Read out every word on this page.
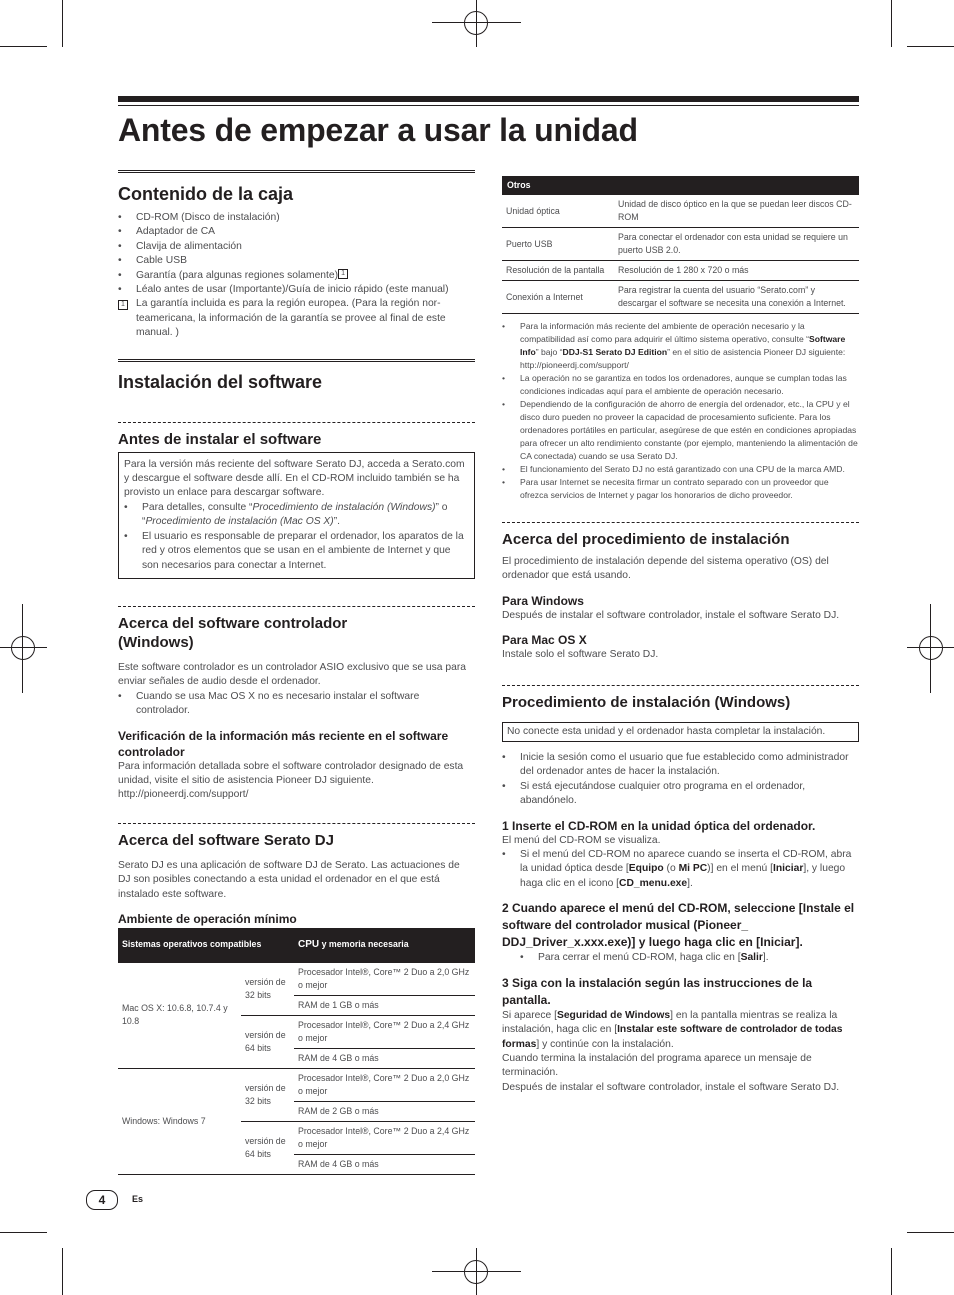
Antes de empezar a usar la unidad
Contenido de la caja
• CD-ROM (Disco de instalación)
• Adaptador de CA
• Clavija de alimentación
• Cable USB
• Garantía (para algunas regiones solamente) 1
• Léalo antes de usar (Importante)/Guía de inicio rápido (este manual)
1 La garantía incluida es para la región europea. (Para la región nor-teamericana, la información de la garantía se provee al final de este manual. )

Instalación del software
Antes de instalar el software

Para la versión más reciente del software Serato DJ, acceda a Serato.com y descargue el software desde allí. En el CD-ROM incluido también se ha provisto un enlace para descargar software.

• Para detalles, consulte “Procedimiento de instalación (Windows)” o “Procedimiento de instalación (Mac OS X)”.
• El usuario es responsable de preparar el ordenador, los aparatos de la red y otros elementos que se usan en el ambiente de Internet y que son necesarios para conectar a Internet.
Acerca del software controlador (Windows)

Este software controlador es un controlador ASIO exclusivo que se usa para enviar señales de audio desde el ordenador.

• Cuando se usa Mac OS X no es necesario instalar el software controlador.
Verificación de la información más reciente en el software controlador

Para información detallada sobre el software controlador designado de esta unidad, visite el sitio de asistencia Pioneer DJ siguiente.

http://pioneerdj.com/support/

Acerca del software Serato DJ

Serato DJ es una aplicación de software DJ de Serato. Las actuaciones de DJ son posibles conectando a esta unidad el ordenador en el que está instalado este software.

Ambiente de operación mínimo
Sistemas operativos compatibles		CPU y memoria necesaria
Mac OS X: 10.6.8, 10.7.4 y 10.8	versión de 32 bits	Procesador Intel®, Core™ 2 Duo a 2,0 GHz o mejor
		RAM de 1 GB o más
	versión de 64 bits	Procesador Intel®, Core™ 2 Duo a 2,4 GHz o mejor
		RAM de 4 GB o más
Windows: Windows 7	versión de 32 bits	Procesador Intel®, Core™ 2 Duo a 2,0 GHz o mejor
		RAM de 2 GB o más
	versión de 64 bits	Procesador Intel®, Core™ 2 Duo a 2,4 GHz o mejor
		RAM de 4 GB o más
Otros	
Unidad óptica	Unidad de disco óptico en la que se puedan leer discos CD-ROM
Puerto USB	Para conectar el ordenador con esta unidad se requiere un puerto USB 2.0.
Resolución de la pantalla	Resolución de 1 280 x 720 o más
Conexión a Internet	Para registrar la cuenta del usuario “Serato.com” y descargar el software se necesita una conexión a Internet.
• Para la información más reciente del ambiente de operación necesario y la compatibilidad así como para adquirir el último sistema operativo, consulte “Software Info” bajo “DDJ-S1 Serato DJ Edition” en el sitio de asistencia Pioneer DJ siguiente:
http://pioneerdj.com/support/
• La operación no se garantiza en todos los ordenadores, aunque se cumplan todas las condiciones indicadas aquí para el ambiente de operación necesario.
• Dependiendo de la configuración de ahorro de energía del ordenador, etc., la CPU y el disco duro pueden no proveer la capacidad de procesamiento suficiente. Para los ordenadores portátiles en particular, asegúrese de que estén en condiciones apropiadas para ofrecer un alto rendimiento constante (por ejemplo, manteniendo la alimentación de CA conectada) cuando se usa Serato DJ.
• El funcionamiento del Serato DJ no está garantizado con una CPU de la marca AMD.
• Para usar Internet se necesita firmar un contrato separado con un proveedor que ofrezca servicios de Internet y pagar los honorarios de dicho proveedor.
Acerca del procedimiento de instalación

El procedimiento de instalación depende del sistema operativo (OS) del ordenador que está usando.

Para Windows

Después de instalar el software controlador, instale el software Serato DJ.

Para Mac OS X

Instale solo el software Serato DJ.

Procedimiento de instalación (Windows)
No conecte esta unidad y el ordenador hasta completar la instalación.
• Inicie la sesión como el usuario que fue establecido como administrador del ordenador antes de hacer la instalación.
• Si está ejecutándose cualquier otro programa en el ordenador, abandónelo.
1 Inserte el CD-ROM en la unidad óptica del ordenador.

El menú del CD-ROM se visualiza.

• Si el menú del CD-ROM no aparece cuando se inserta el CD-ROM, abra la unidad óptica desde [Equipo (o Mi PC)] en el menú [Iniciar], y luego haga clic en el icono [CD_menu.exe].
2 Cuando aparece el menú del CD-ROM, seleccione [Instale el software del controlador musical (Pioneer_ DDJ_Driver_x.xxx.exe)] y luego haga clic en [Iniciar].
• Para cerrar el menú CD-ROM, haga clic en [Salir].
3 Siga con la instalación según las instrucciones de la pantalla.

Si aparece [Seguridad de Windows] en la pantalla mientras se realiza la instalación, haga clic en [Instalar este software de controlador de todas formas] y continúe con la instalación.

Cuando termina la instalación del programa aparece un mensaje de terminación.

Después de instalar el software controlador, instale el software Serato DJ.

4	Es
